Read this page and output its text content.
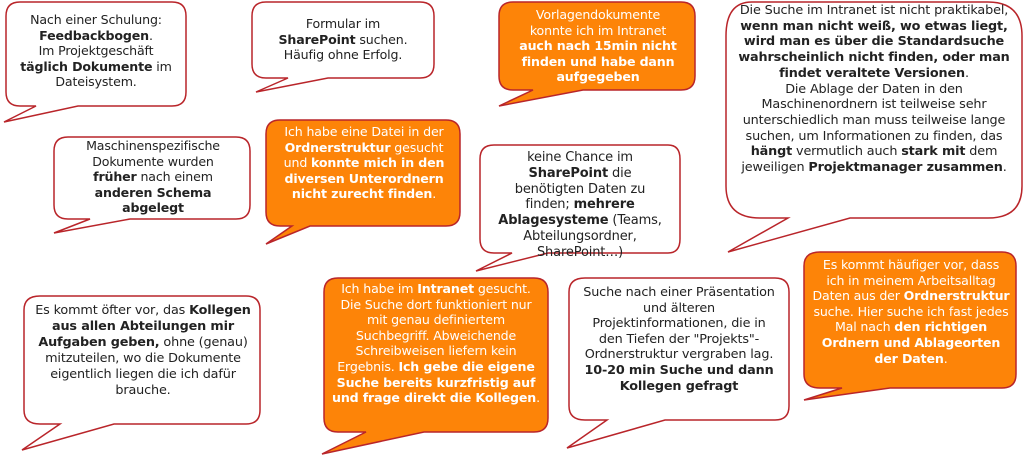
Nach einer Schulung:
Feedbackbogen.
Im Projektgeschäft
täglich Dokumente im
Dateisystem.
Formular im
SharePoint suchen.
Häufig ohne Erfolg.
Vorlagendokumente
konnte ich im Intranet
auch nach 15min nicht finden und habe dann aufgegeben
Die Suche im Intranet ist nicht praktikabel, wenn man nicht weiß, wo etwas liegt, wird man es über die Standardsuche wahrscheinlich nicht finden, oder man findet veraltete Versionen.
Die Ablage der Daten in den Maschinenordnern ist teilweise sehr unterschiedlich man muss teilweise lange suchen, um Informationen zu finden, das hängt vermutlich auch stark mit dem jeweiligen Projektmanager zusammen.
Maschinenspezifische Dokumente wurden früher nach einem anderen Schema abgelegt
Ich habe eine Datei in der Ordnerstruktur gesucht und konnte mich in den diversen Unterordnern nicht zurecht finden.
keine Chance im SharePoint die benötigten Daten zu finden; mehrere Ablagesysteme (Teams, Abteilungsordner, SharePoint…)
Es kommt öfter vor, das Kollegen aus allen Abteilungen mir Aufgaben geben, ohne (genau) mitzuteilen, wo die Dokumente eigentlich liegen die ich dafür brauche.
Ich habe im Intranet gesucht. Die Suche dort funktioniert nur mit genau definiertem Suchbegriff. Abweichende Schreibweisen liefern kein Ergebnis. Ich gebe die eigene Suche bereits kurzfristig auf und frage direkt die Kollegen.
Suche nach einer Präsentation und älteren Projektinformationen, die in den Tiefen der "Projekts"-Ordnerstruktur vergraben lag.
10-20 min Suche und dann Kollegen gefragt
Es kommt häufiger vor, dass ich in meinem Arbeitsalltag Daten aus der Ordnerstruktur suche. Hier suche ich fast jedes Mal nach den richtigen Ordnern und Ablageorten der Daten.
